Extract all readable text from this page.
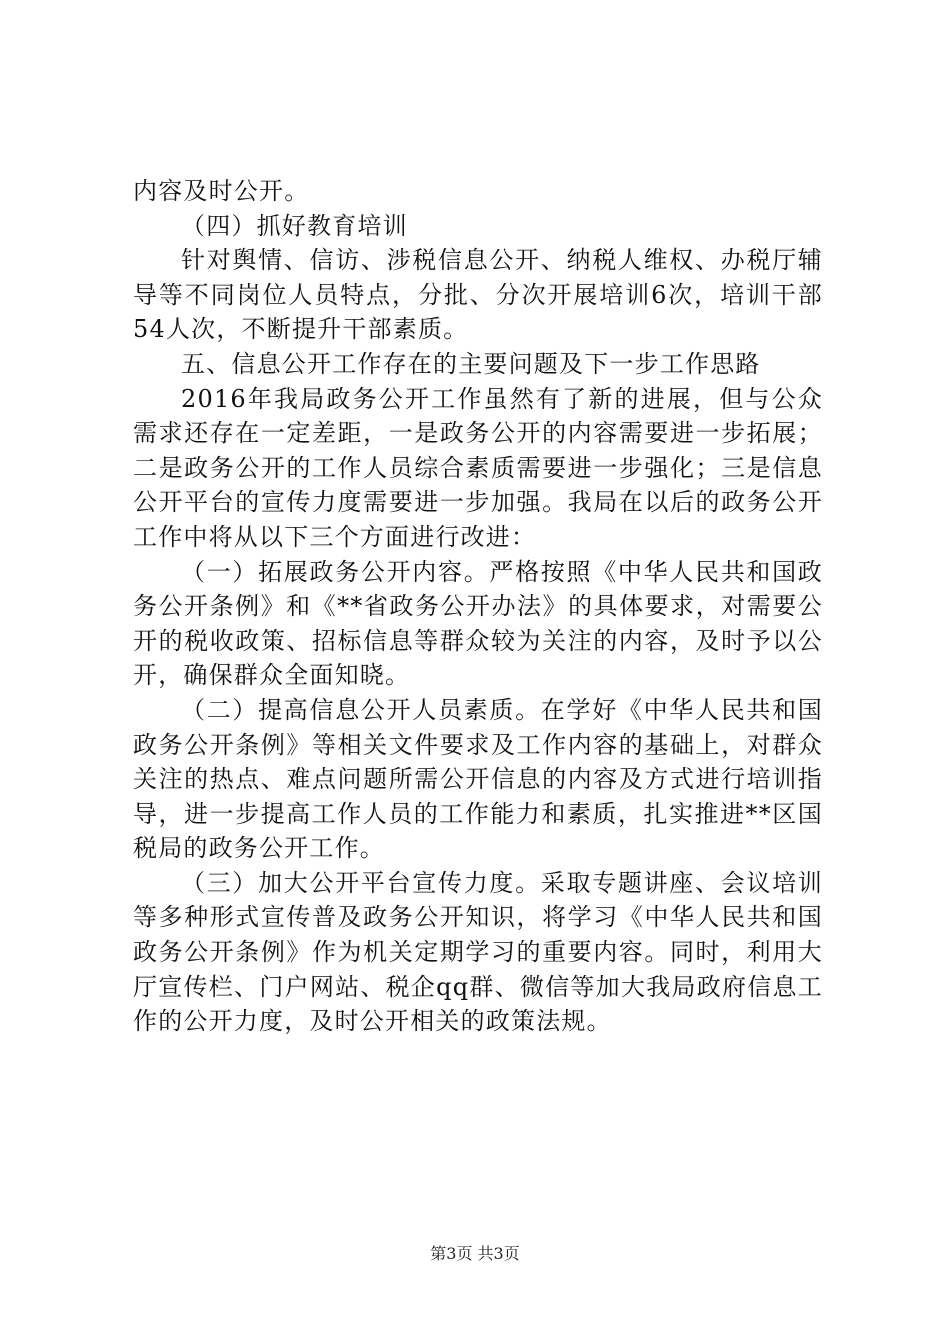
内容及时公开。

（四）抓好教育培训

针对舆情、信访、涉税信息公开、纳税人维权、办税厅辅导等不同岗位人员特点，分批、分次开展培训6次，培训干部54人次，不断提升干部素质。

五、信息公开工作存在的主要问题及下一步工作思路

2016年我局政务公开工作虽然有了新的进展，但与公众需求还存在一定差距，一是政务公开的内容需要进一步拓展；二是政务公开的工作人员综合素质需要进一步强化；三是信息公开平台的宣传力度需要进一步加强。我局在以后的政务公开工作中将从以下三个方面进行改进：

（一）拓展政务公开内容。严格按照《中华人民共和国政务公开条例》和《**省政务公开办法》的具体要求，对需要公开的税收政策、招标信息等群众较为关注的内容，及时予以公开，确保群众全面知晓。

（二）提高信息公开人员素质。在学好《中华人民共和国政务公开条例》等相关文件要求及工作内容的基础上，对群众关注的热点、难点问题所需公开信息的内容及方式进行培训指导，进一步提高工作人员的工作能力和素质，扎实推进**区国税局的政务公开工作。

（三）加大公开平台宣传力度。采取专题讲座、会议培训等多种形式宣传普及政务公开知识，将学习《中华人民共和国政务公开条例》作为机关定期学习的重要内容。同时，利用大厅宣传栏、门户网站、税企qq群、微信等加大我局政府信息工作的公开力度，及时公开相关的政策法规。

第3页 共3页
